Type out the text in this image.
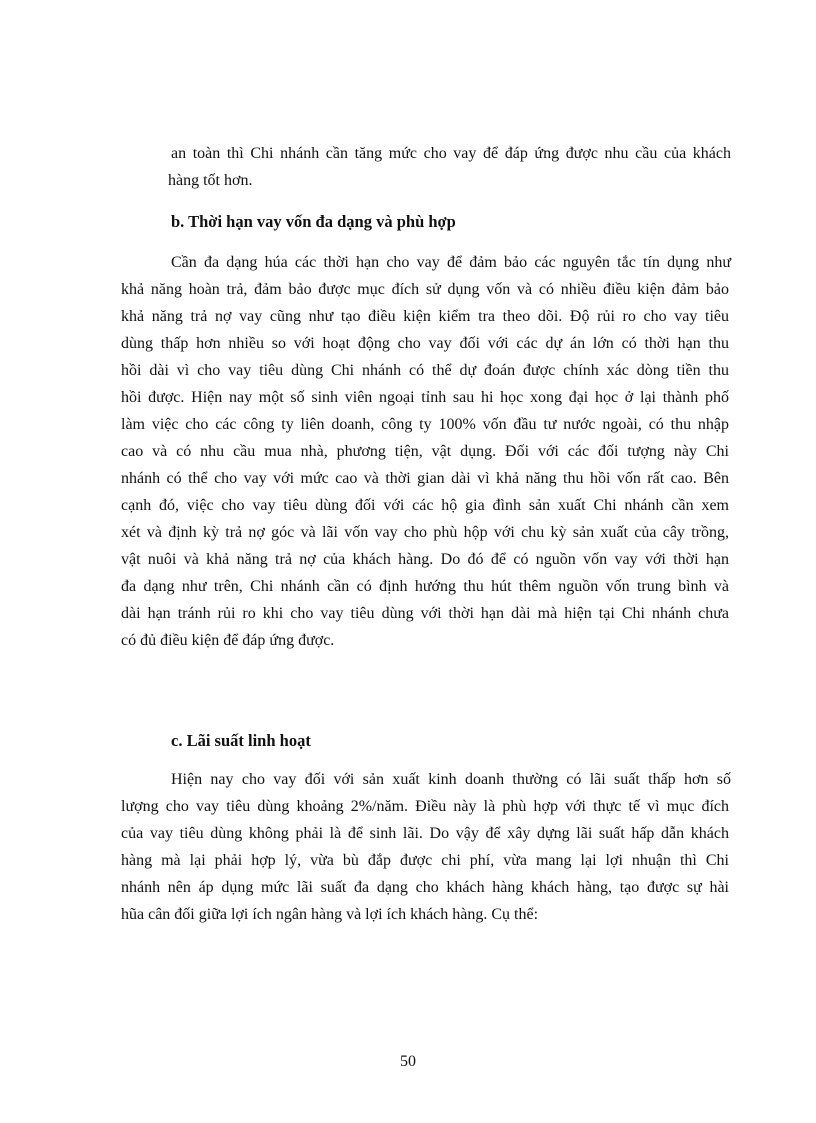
an toàn thì Chi nhánh cần tăng mức cho vay để đáp ứng được nhu cầu của khách
hàng tốt hơn.
b. Thời hạn vay vốn đa dạng và phù hợp
Cần đa dạng húa các thời hạn cho vay để đảm bảo các nguyên tắc tín dụng như
khả năng hoàn trả, đảm bảo được mục đích sử dụng vốn và có nhiều điều kiện đảm bảo
khả năng trả nợ vay cũng như tạo điều kiện kiểm tra theo dõi. Độ rủi ro cho vay tiêu
dùng thấp hơn nhiều so với hoạt động cho vay đối với các dự án lớn có thời hạn thu
hồi dài vì cho vay tiêu dùng Chi nhánh có thể dự đoán được chính xác dòng tiền thu
hồi được. Hiện nay một số sinh viên ngoại tỉnh sau hi học xong đại học ở lại thành phố
làm việc cho các công ty liên doanh, công ty 100% vốn đầu tư nước ngoài, có thu nhập
cao và có nhu cầu mua nhà, phương tiện, vật dụng. Đối với các đối tượng này Chi
nhánh có thể cho vay với mức cao và thời gian dài vì khả năng thu hồi vốn rất cao. Bên
cạnh đó, việc cho vay tiêu dùng đối với các hộ gia đình sản xuất Chi nhánh cần xem
xét và định kỳ trả nợ góc và lãi vốn vay cho phù hộp với chu kỳ sản xuất của cây trồng,
vật nuôi và khả năng trả nợ của khách hàng. Do đó để có nguồn vốn vay với thời hạn
đa dạng như trên, Chi nhánh cần có định hướng thu hút thêm nguồn vốn trung bình và
dài hạn tránh rủi ro khi cho vay tiêu dùng với thời hạn dài mà hiện tại Chi nhánh chưa
có đủ điều kiện để đáp ứng được.
c. Lãi suất linh hoạt
Hiện nay cho vay đối với sản xuất kinh doanh thường có lãi suất thấp hơn số
lượng cho vay tiêu dùng khoảng 2%/năm. Điều này là phù hợp với thực tế vì mục đích
của vay tiêu dùng không phải là để sinh lãi. Do vậy để xây dựng lãi suất hấp dẫn khách
hàng mà lại phải hợp lý, vừa bù đắp được chi phí, vừa mang lại lợi nhuận thì Chi
nhánh nên áp dụng mức lãi suất đa dạng cho khách hàng khách hàng, tạo được sự hài
hũa cân đối giữa lợi ích ngân hàng và lợi ích khách hàng. Cụ thể:
50
